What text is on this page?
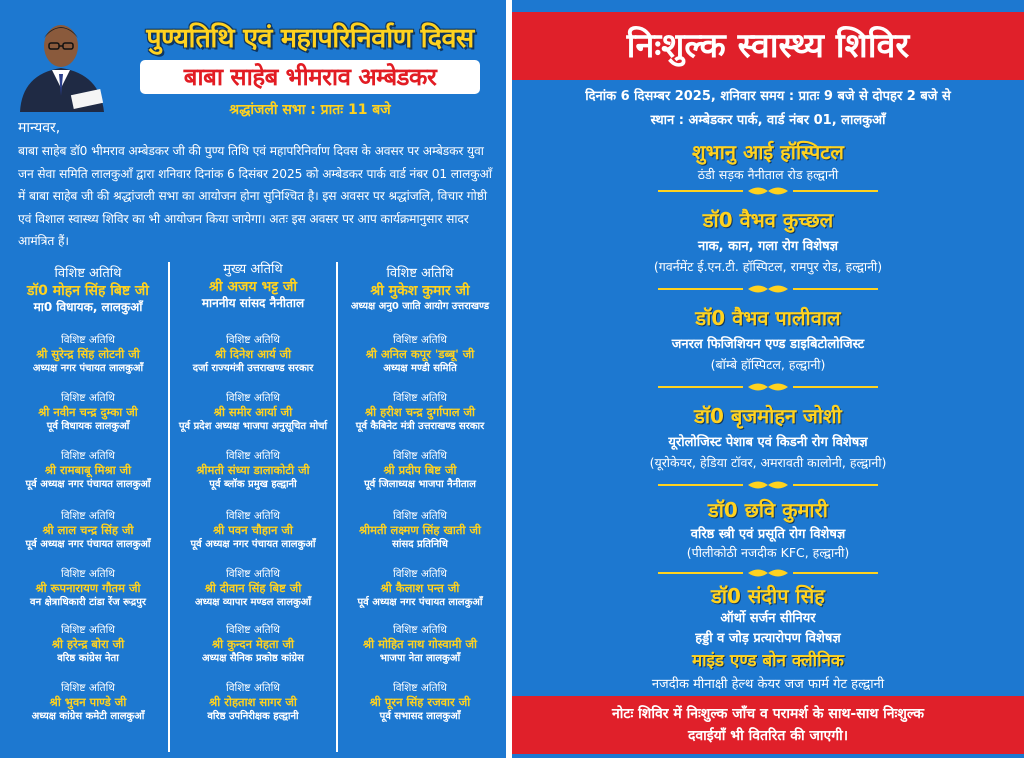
पुण्यतिथि एवं महापरिनिर्वाण दिवस
बाबा साहेब भीमराव अम्बेडकर
श्रद्धांजली सभा : प्रातः 11 बजे
मान्यवर,
बाबा साहेब डॉ0 भीमराव अम्बेडकर जी की पुण्य तिथि एवं महापरिनिर्वाण दिवस के अवसर पर अम्बेडकर युवा जन सेवा समिति लालकुआँ द्वारा शनिवार दिनांक 6 दिसंबर 2025 को अम्बेडकर पार्क वार्ड नंबर 01 लालकुआँ में बाबा साहेब जी की श्रद्धांजली सभा का आयोजन होना सुनिश्चित है। इस अवसर पर श्रद्धांजलि, विचार गोष्ठी एवं विशाल स्वास्थ्य शिविर का भी आयोजन किया जायेगा। अतः इस अवसर पर आप कार्यक्रमानुसार सादर आमंत्रित हैं।
विशिष्ट अतिथि
डॉ0 मोहन सिंह बिष्ट जी
मा0 विधायक, लालकुआँ
विशिष्ट अतिथि
श्री सुरेन्द्र सिंह लोटनी जी
अध्यक्ष नगर पंचायत लालकुआँ
विशिष्ट अतिथि
श्री नवीन चन्द्र दुम्का जी
पूर्व विधायक लालकुआँ
विशिष्ट अतिथि
श्री रामबाबू मिश्रा जी
पूर्व अध्यक्ष नगर पंचायत लालकुआँ
विशिष्ट अतिथि
श्री लाल चन्द्र सिंह जी
पूर्व अध्यक्ष नगर पंचायत लालकुआँ
विशिष्ट अतिथि
श्री रूपनारायण गौतम जी
वन क्षेत्राधिकारी टांडा रेंज रूद्रपुर
विशिष्ट अतिथि
श्री हरेन्द्र बोरा जी
वरिष्ठ कांग्रेस नेता
विशिष्ट अतिथि
श्री भुवन पाण्डे जी
अध्यक्ष कांग्रेस कमेटी लालकुआँ
मुख्य अतिथि
श्री अजय भट्ट जी
माननीय सांसद नैनीताल
विशिष्ट अतिथि
श्री दिनेश आर्य जी
दर्जा राज्यमंत्री उत्तराखण्ड सरकार
विशिष्ट अतिथि
श्री समीर आर्या जी
पूर्व प्रदेश अध्यक्ष भाजपा अनुसूचित मोर्चा
विशिष्ट अतिथि
श्रीमती संध्या डालाकोटी जी
पूर्व ब्लॉक प्रमुख हल्द्वानी
विशिष्ट अतिथि
श्री पवन चौहान जी
पूर्व अध्यक्ष नगर पंचायत लालकुआँ
विशिष्ट अतिथि
श्री दीवान सिंह बिष्ट जी
अध्यक्ष व्यापार मण्डल लालकुआँ
विशिष्ट अतिथि
श्री कुन्दन मेहता जी
अध्यक्ष सैनिक प्रकोष्ठ कांग्रेस
विशिष्ट अतिथि
श्री रोहताश सागर जी
वरिष्ठ उपनिरीक्षक हल्द्वानी
विशिष्ट अतिथि
श्री मुकेश कुमार जी
अध्यक्ष अनु0 जाति आयोग उत्तराखण्ड
विशिष्ट अतिथि
श्री अनिल कपूर 'डब्बू' जी
अध्यक्ष मण्डी समिति
विशिष्ट अतिथि
श्री हरीश चन्द्र दुर्गापाल जी
पूर्व कैबिनेट मंत्री उत्तराखण्ड सरकार
विशिष्ट अतिथि
श्री प्रदीप बिष्ट जी
पूर्व जिलाध्यक्ष भाजपा नैनीताल
विशिष्ट अतिथि
श्रीमती लक्ष्मण सिंह खाती जी
सांसद प्रतिनिधि
विशिष्ट अतिथि
श्री कैलाश पन्त जी
पूर्व अध्यक्ष नगर पंचायत लालकुआँ
विशिष्ट अतिथि
श्री मोहित नाथ गोस्वामी जी
भाजपा नेता लालकुआँ
विशिष्ट अतिथि
श्री पूरन सिंह रजवार जी
पूर्व सभासद लालकुआँ
निःशुल्क स्वास्थ्य शिविर
दिनांक 6 दिसम्बर 2025, शनिवार समय : प्रातः 9 बजे से दोपहर 2 बजे से
स्थान : अम्बेडकर पार्क, वार्ड नंबर 01, लालकुआँ
शुभानु आई हॉस्पिटल
ठंडी सड़क नैनीताल रोड हल्द्वानी
डॉ0 वैभव कुच्छल
नाक, कान, गला रोग विशेषज्ञ
(गवर्नमेंट ई.एन.टी. हॉस्पिटल, रामपुर रोड, हल्द्वानी)
डॉ0 वैभव पालीवाल
जनरल फिजिशियन एण्ड डाइबिटोलोजिस्ट
(बॉम्बे हॉस्पिटल, हल्द्वानी)
डॉ0 बृजमोहन जोशी
यूरोलोजिस्ट पेशाब एवं किडनी रोग विशेषज्ञ
(यूरोकेयर, हेडिया टॉवर, अमरावती कालोनी, हल्द्वानी)
डॉ0 छवि कुमारी
वरिष्ठ स्त्री एवं प्रसूति रोग विशेषज्ञ
(पीलीकोठी नजदीक KFC, हल्द्वानी)
डॉ0 संदीप सिंह
ऑर्थो सर्जन सीनियर
हड्डी व जोड़ प्रत्यारोपण विशेषज्ञ
माइंड एण्ड बोन क्लीनिक
नजदीक मीनाक्षी हेल्थ केयर जज फार्म गेट हल्द्वानी
नोटः शिविर में निःशुल्क जाँच व परामर्श के साथ-साथ निःशुल्क
दवाईयाँ भी वितरित की जाएगी।
